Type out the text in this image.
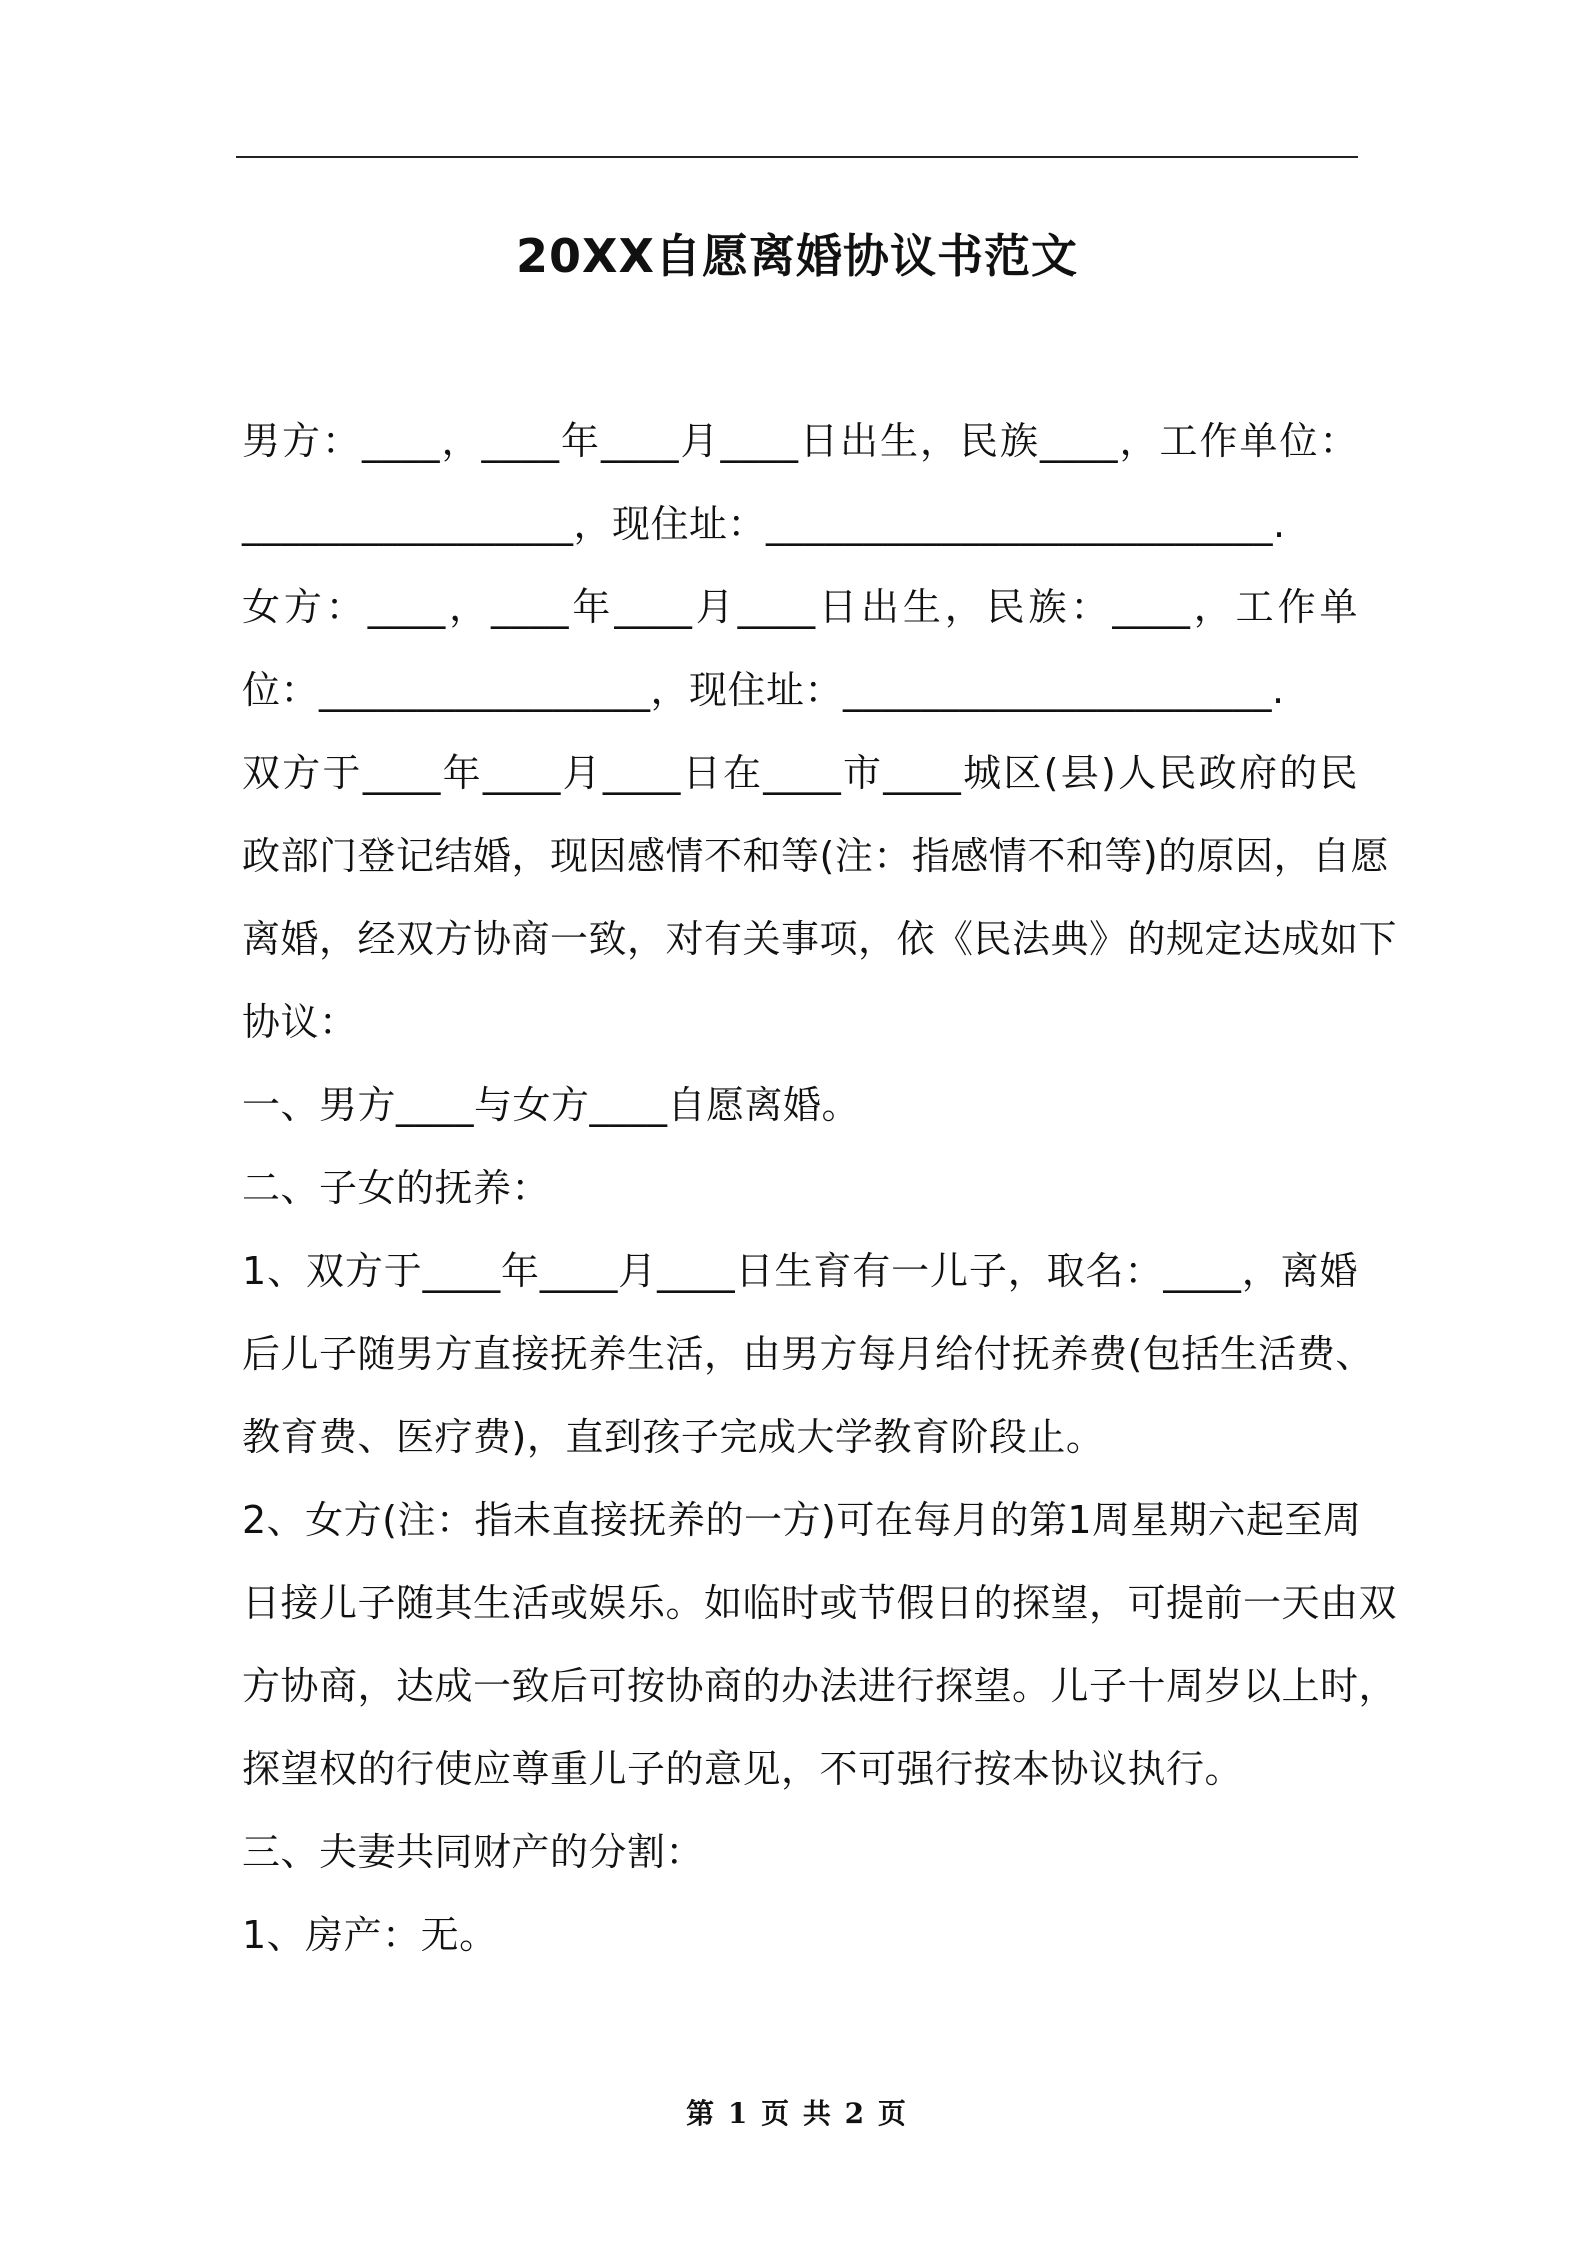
20XX自愿离婚协议书范文
男方：____，____年____月____日出生，民族____，工作单位：
_________________，现住址：__________________________.
女方：____，____年____月____日出生，民族：____，工作单
位：_________________，现住址：______________________.
双方于____年____月____日在____市____城区(县)人民政府的民
政部门登记结婚，现因感情不和等(注：指感情不和等)的原因，自愿
离婚，经双方协商一致，对有关事项，依《民法典》的规定达成如下
协议：
一、男方____与女方____自愿离婚。
二、子女的抚养：
1、双方于____年____月____日生育有一儿子，取名：____，离婚
后儿子随男方直接抚养生活，由男方每月给付抚养费(包括生活费、
教育费、医疗费)，直到孩子完成大学教育阶段止。
2、女方(注：指未直接抚养的一方)可在每月的第1周星期六起至周
日接儿子随其生活或娱乐。如临时或节假日的探望，可提前一天由双
方协商，达成一致后可按协商的办法进行探望。儿子十周岁以上时，
探望权的行使应尊重儿子的意见，不可强行按本协议执行。
三、夫妻共同财产的分割：
1、房产：无。
第 1 页 共 2 页
